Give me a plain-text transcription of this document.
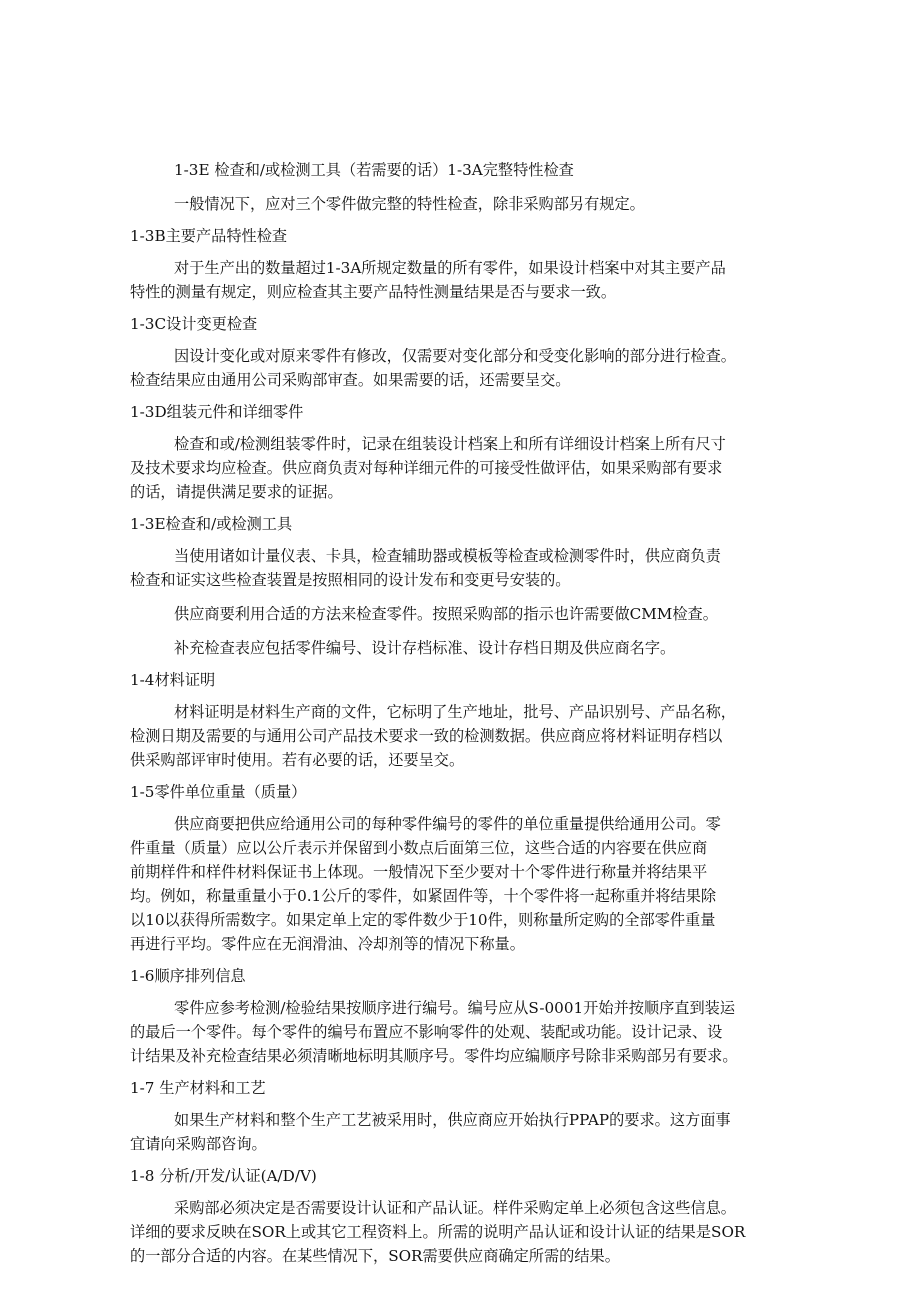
1-3E 检查和/或检测工具（若需要的话）1-3A完整特性检查

一般情况下，应对三个零件做完整的特性检查，除非采购部另有规定。

1-3B主要产品特性检查

对于生产出的数量超过1-3A所规定数量的所有零件，如果设计档案中对其主要产品

特性的测量有规定，则应检查其主要产品特性测量结果是否与要求一致。

1-3C设计变更检查

因设计变化或对原来零件有修改，仅需要对变化部分和受变化影响的部分进行检查。

检查结果应由通用公司采购部审查。如果需要的话，还需要呈交。

1-3D组装元件和详细零件

检查和或/检测组装零件时，记录在组装设计档案上和所有详细设计档案上所有尺寸

及技术要求均应检查。供应商负责对每种详细元件的可接受性做评估，如果采购部有要求

的话，请提供满足要求的证据。

1-3E检查和/或检测工具

当使用诸如计量仪表、卡具，检查辅助器或模板等检查或检测零件时，供应商负责

检查和证实这些检查装置是按照相同的设计发布和变更号安装的。

供应商要利用合适的方法来检查零件。按照采购部的指示也许需要做CMM检查。

补充检查表应包括零件编号、设计存档标准、设计存档日期及供应商名字。

1-4材料证明

材料证明是材料生产商的文件，它标明了生产地址，批号、产品识别号、产品名称，

检测日期及需要的与通用公司产品技术要求一致的检测数据。供应商应将材料证明存档以

供采购部评审时使用。若有必要的话，还要呈交。

1-5零件单位重量（质量）

供应商要把供应给通用公司的每种零件编号的零件的单位重量提供给通用公司。零

件重量（质量）应以公斤表示并保留到小数点后面第三位，这些合适的内容要在供应商

前期样件和样件材料保证书上体现。一般情况下至少要对十个零件进行称量并将结果平

均。例如，称量重量小于0.1公斤的零件，如紧固件等，十个零件将一起称重并将结果除

以10以获得所需数字。如果定单上定的零件数少于10件，则称量所定购的全部零件重量

再进行平均。零件应在无润滑油、冷却剂等的情况下称量。

1-6顺序排列信息

零件应参考检测/检验结果按顺序进行编号。编号应从S-0001开始并按顺序直到装运

的最后一个零件。每个零件的编号布置应不影响零件的处观、装配或功能。设计记录、设

计结果及补充检查结果必须清晰地标明其顺序号。零件均应编顺序号除非采购部另有要求。

1-7 生产材料和工艺

如果生产材料和整个生产工艺被采用时，供应商应开始执行PPAP的要求。这方面事

宜请向采购部咨询。

1-8 分析/开发/认证(A/D/V)

采购部必须决定是否需要设计认证和产品认证。样件采购定单上必须包含这些信息。

详细的要求反映在SOR上或其它工程资料上。所需的说明产品认证和设计认证的结果是SOR

的一部分合适的内容。在某些情况下，SOR需要供应商确定所需的结果。
